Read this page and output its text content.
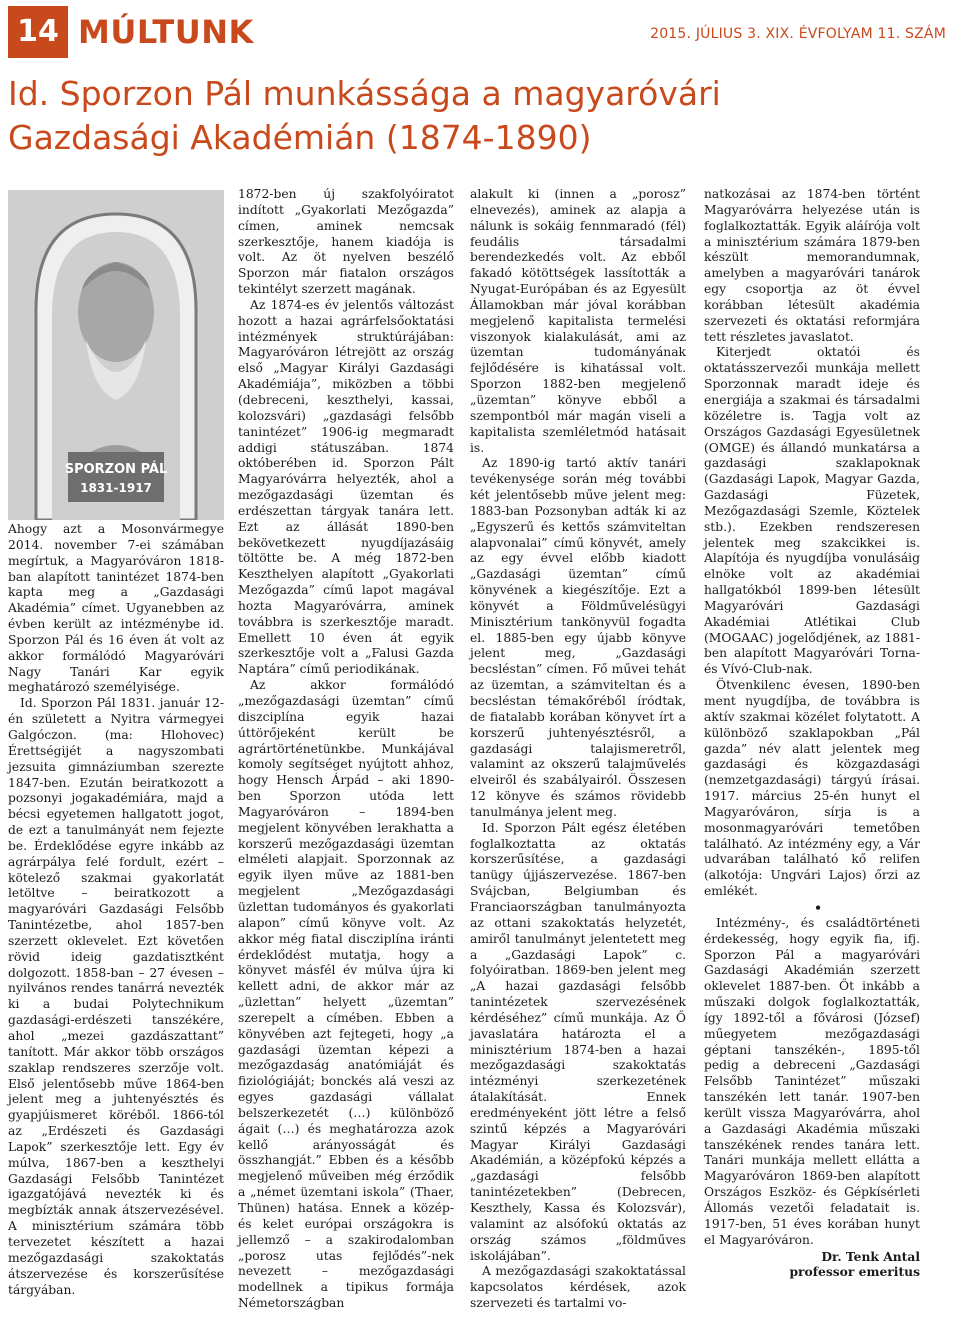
14 MÚLTUNK	2015. JÚLIUS 3. XIX. ÉVFOLYAM 11. SZÁM
Id. Sporzon Pál munkássága a magyaróvári
Gazdasági Akadémián (1874-1890)
SPORZON PÁL
1831-1917

Ahogy azt a Mosonvármegye 2014. november 7-ei számában megírtuk, a Magyaróváron 1818-ban alapított tanintézet 1874-ben kapta meg a „Gazdasági Akadémia” címet. Ugyanebben az évben került az intézménybe id. Sporzon Pál és 16 éven át volt az akkor formálódó Magyaróvári Nagy Tanári Kar egyik meghatározó személyisége.

Id. Sporzon Pál 1831. január 12-én született a Nyitra vármegyei Galgóczon. (ma: Hlohovec) Érettségijét a nagyszombati jezsuita gimnáziumban szerezte 1847-ben. Ezután beiratkozott a pozsonyi jogakadémiára, majd a bécsi egyetemen hallgatott jogot, de ezt a tanulmányát nem fejezte be. Érdeklődése egyre inkább az agrárpálya felé fordult, ezért – kötelező szakmai gyakorlatát letöltve – beiratkozott a magyaróvári Gazdasági Felsőbb Tanintézetbe, ahol 1857-ben szerzett oklevelet. Ezt követően rövid ideig gazdatisztként dolgozott. 1858-ban – 27 évesen – nyilvános rendes tanárrá nevezték ki a budai Polytechnikum gazdasági-erdészeti tanszékére, ahol „mezei gazdászattant” tanított. Már akkor több országos szaklap rendszeres szerzője volt. Első jelentősebb műve 1864-ben jelent meg a juhtenyésztés és gyapjúismeret köréből. 1866-tól az „Erdészeti és Gazdasági Lapok” szerkesztője lett. Egy év múlva, 1867-ben a keszthelyi Gazdasági Felsőbb Tanintézet igazgatójává nevezték ki és megbízták annak átszervezésével. A minisztérium számára több tervezetet készített a hazai mezőgazdasági szakoktatás átszervezése és korszerűsítése tárgyában.

1872-ben új szakfolyóiratot indított „Gyakorlati Mezőgazda” címen, aminek nemcsak szerkesztője, hanem kiadója is volt. Az öt nyelven beszélő Sporzon már fiatalon országos tekintélyt szerzett magának.

Az 1874-es év jelentős változást hozott a hazai agrárfelsőoktatási intézmények struktúrájában: Magyaróváron létrejött az ország első „Magyar Királyi Gazdasági Akadémiája”, miközben a többi (debreceni, keszthelyi, kassai, kolozsvári) „gazdasági felsőbb tanintézet” 1906-ig megmaradt addigi státuszában. 1874 októberében id. Sporzon Pált Magyaróvárra helyezték, ahol a mezőgazdasági üzemtan és erdészettan tárgyak tanára lett. Ezt az állását 1890-ben bekövetkezett nyugdíjazásáig töltötte be. A még 1872-ben Keszthelyen alapított „Gyakorlati Mezőgazda” című lapot magával hozta Magyaróvárra, aminek továbbra is szerkesztője maradt. Emellett 10 éven át egyik szerkesztője volt a „Falusi Gazda Naptára” című periodikának.

Az akkor formálódó „mezőgazdasági üzemtan” című diszciplína egyik hazai úttörőjeként került be agrártörténetünkbe. Munkájával komoly segítséget nyújtott ahhoz, hogy Hensch Árpád – aki 1890-ben Sporzon utóda lett Magyaróváron – 1894-ben megjelent könyvében lerakhatta a korszerű mezőgazdasági üzemtan elméleti alapjait. Sporzonnak az egyik ilyen műve az 1881-ben megjelent „Mezőgazdasági üzlettan tudományos és gyakorlati alapon” című könyve volt. Az akkor még fiatal discziplína iránti érdeklődést mutatja, hogy a könyvet másfél év múlva újra ki kellett adni, de akkor már az „üzlettan” helyett „üzemtan” szerepelt a címében. Ebben a könyvében azt fejtegeti, hogy „a gazdasági üzemtan képezi a mezőgazdaság anatómiáját és fiziológiáját; bonckés alá veszi az egyes gazdasági vállalat belszerkezetét (…) különböző ágait (…) és meghatározza azok kellő arányosságát és összhangját.” Ebben és a később megjelenő műveiben még érződik a „német üzemtani iskola” (Thaer, Thünen) hatása. Ennek a közép- és kelet európai országokra is jellemző – a szakirodalomban „porosz utas fejlődés”-nek nevezett – mezőgazdasági modellnek a tipikus formája Németországban

alakult ki (innen a „porosz” elnevezés), aminek az alapja a nálunk is sokáig fennmaradó (fél) feudális társadalmi berendezkedés volt. Az ebből fakadó kötöttségek lassították a Nyugat-Európában és az Egyesült Államokban már jóval korábban megjelenő kapitalista termelési viszonyok kialakulását, ami az üzemtan tudományának fejlődésére is kihatással volt. Sporzon 1882-ben megjelenő „üzemtan” könyve ebből a szempontból már magán viseli a kapitalista szemléletmód hatásait is.

Az 1890-ig tartó aktív tanári tevékenysége során még további két jelentősebb műve jelent meg: 1883-ban Pozsonyban adták ki az „Egyszerű és kettős számviteltan alapvonalai” című könyvét, amely az egy évvel előbb kiadott „Gazdasági üzemtan” című könyvének a kiegészítője. Ezt a könyvét a Földművelésügyi Minisztérium tankönyvül fogadta el. 1885-ben egy újabb könyve jelent meg, „Gazdasági becsléstan” címen. Fő művei tehát az üzemtan, a számviteltan és a becsléstan témakőréből íródtak, de fiatalabb korában könyvet írt a korszerű juhtenyésztésről, a gazdasági talajismeretről, valamint az okszerű talajművelés elveiről és szabályairól. Összesen 12 könyve és számos rövidebb tanulmánya jelent meg.

Id. Sporzon Pált egész életében foglalkoztatta az oktatás korszerűsítése, a gazdasági tanügy újjászervezése. 1867-ben Svájcban, Belgiumban és Franciaországban tanulmányozta az ottani szakoktatás helyzetét, amiről tanulmányt jelentetett meg a „Gazdasági Lapok” c. folyóiratban. 1869-ben jelent meg „A hazai gazdasági felsőbb tanintézetek szervezésének kérdéséhez” című munkája. Az Ő javaslatára határozta el a minisztérium 1874-ben a hazai mezőgazdasági szakoktatás intézményi szerkezetének átalakítását. Ennek eredményeként jött létre a felső szintű képzés a Magyaróvári Magyar Királyi Gazdasági Akadémián, a középfokú képzés a „gazdasági felsőbb tanintézetekben” (Debrecen, Keszthely, Kassa és Kolozsvár), valamint az alsófokú oktatás az ország számos „földműves iskolájában”.

A mezőgazdasági szakoktatással kapcsolatos kérdések, azok szervezeti és tartalmi vo-

natkozásai az 1874-ben történt Magyaróvárra helyezése után is foglalkoztatták. Egyik aláírója volt a minisztérium számára 1879-ben készült memorandumnak, amelyben a magyaróvári tanárok egy csoportja az öt évvel korábban létesült akadémia szervezeti és oktatási reformjára tett részletes javaslatot.

Kiterjedt oktatói és oktatásszervezői munkája mellett Sporzonnak maradt ideje és energiája a szakmai és társadalmi közéletre is. Tagja volt az Országos Gazdasági Egyesületnek (OMGE) és állandó munkatársa a gazdasági szaklapoknak (Gazdasági Lapok, Magyar Gazda, Gazdasági Füzetek, Mezőgazdasági Szemle, Köztelek stb.). Ezekben rendszeresen jelentek meg szakcikkei is. Alapítója és nyugdíjba vonulásáig elnöke volt az akadémiai hallgatókból 1899-ben létesült Magyaróvári Gazdasági Akadémiai Atlétikai Club (MOGAAC) jogelődjének, az 1881-ben alapított Magyaróvári Torna- és Vívó-Club-nak.

Ötvenkilenc évesen, 1890-ben ment nyugdíjba, de továbbra is aktív szakmai közélet folytatott. A különböző szaklapokban „Pál gazda” név alatt jelentek meg gazdasági és közgazdasági (nemzetgazdasági) tárgyú írásai. 1917. március 25-én hunyt el Magyaróváron, sírja is a mosonmagyaróvári temetőben található. Az intézmény egy, a Vár udvarában található kő relifen (alkotója: Ungvári Lajos) őrzi az emlékét.

•

Intézmény-, és családtörténeti érdekesség, hogy egyik fia, ifj. Sporzon Pál a magyaróvári Gazdasági Akadémián szerzett oklevelet 1887-ben. Őt inkább a műszaki dolgok foglalkoztatták, így 1892-től a fővárosi (József) műegyetem mezőgazdasági géptani tanszékén-, 1895-től pedig a debreceni „Gazdasági Felsőbb Tanintézet” műszaki tanszékén lett tanár. 1907-ben került vissza Magyaróvárra, ahol a Gazdasági Akadémia műszaki tanszékének rendes tanára lett. Tanári munkája mellett ellátta a Magyaróváron 1869-ben alapított Országos Eszköz- és Gépkísérleti Állomás vezetői feladatait is. 1917-ben, 51 éves korában hunyt el Magyaróváron.

Dr. Tenk Antal

professor emeritus
